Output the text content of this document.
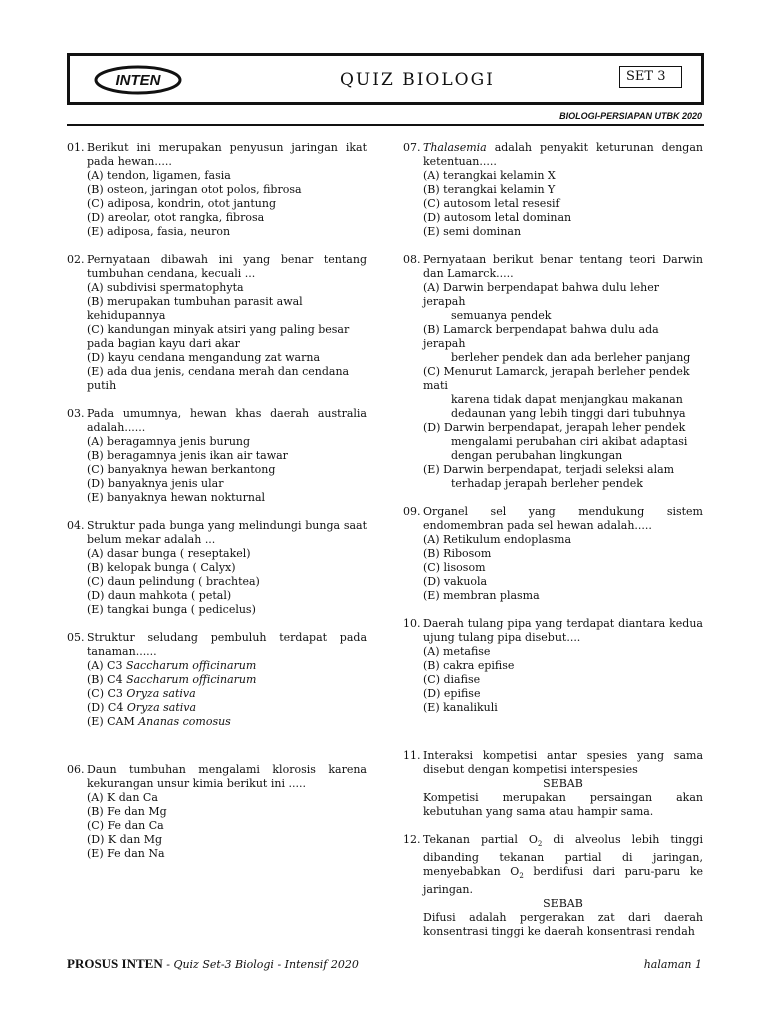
INTEN	QUIZ BIOLOGI	SET 3
BIOLOGI-PERSIAPAN UTBK 2020
01. Berikut ini merupakan penyusun jaringan ikat pada hewan.....
(A) tendon, ligamen, fasia
(B) osteon, jaringan otot polos, fibrosa
(C) adiposa, kondrin, otot jantung
(D) areolar, otot rangka, fibrosa
(E) adiposa, fasia, neuron
02. Pernyataan dibawah ini yang benar tentang tumbuhan cendana, kecuali ...
(A) subdivisi spermatophyta
(B) merupakan tumbuhan parasit awal kehidupannya
(C) kandungan minyak atsiri yang paling besar pada bagian kayu dari akar
(D) kayu cendana mengandung zat warna
(E) ada dua jenis, cendana merah dan cendana putih
03. Pada umumnya, hewan khas daerah australia adalah......
(A) beragamnya jenis burung
(B) beragamnya jenis ikan air tawar
(C) banyaknya hewan berkantong
(D) banyaknya jenis ular
(E) banyaknya hewan nokturnal
04. Struktur pada bunga yang melindungi bunga saat belum mekar adalah ...
(A) dasar bunga ( reseptakel)
(B) kelopak bunga ( Calyx)
(C) daun pelindung ( brachtea)
(D) daun mahkota ( petal)
(E) tangkai bunga ( pedicelus)
05. Struktur seludang pembuluh terdapat pada tanaman......
(A) C3 Saccharum officinarum
(B) C4 Saccharum officinarum
(C) C3 Oryza sativa
(D) C4 Oryza sativa
(E) CAM Ananas comosus
06. Daun tumbuhan mengalami klorosis karena kekurangan unsur kimia berikut ini .....
(A) K dan Ca
(B) Fe dan Mg
(C) Fe dan Ca
(D) K dan Mg
(E) Fe dan Na
07. Thalasemia adalah penyakit keturunan dengan ketentuan.....
(A) terangkai kelamin X
(B) terangkai kelamin Y
(C) autosom letal resesif
(D) autosom letal dominan
(E) semi dominan
08. Pernyataan berikut benar tentang teori Darwin dan Lamarck.....
(A) Darwin berpendapat bahwa dulu leher jerapah
semuanya pendek
(B) Lamarck berpendapat bahwa dulu ada jerapah
berleher pendek dan ada berleher panjang
(C) Menurut Lamarck, jerapah berleher pendek mati
karena tidak dapat menjangkau makanan
dedaunan yang lebih tinggi dari tubuhnya
(D) Darwin berpendapat, jerapah leher pendek
mengalami perubahan ciri akibat adaptasi
dengan perubahan lingkungan
(E) Darwin berpendapat, terjadi seleksi alam
terhadap jerapah berleher pendek
09. Organel sel yang mendukung sistem endomembran pada sel hewan adalah.....
(A) Retikulum endoplasma
(B) Ribosom
(C) lisosom
(D) vakuola
(E) membran plasma
10. Daerah tulang pipa yang terdapat diantara kedua ujung tulang pipa disebut....
(A) metafise
(B) cakra epifise
(C) diafise
(D) epifise
(E) kanalikuli
11. Interaksi kompetisi antar spesies yang sama disebut dengan kompetisi interspesies
SEBAB
Kompetisi merupakan persaingan akan kebutuhan yang sama atau hampir sama.
12. Tekanan partial $O_2$ di alveolus lebih tinggi dibanding tekanan partial di jaringan, menyebabkan $O_2$ berdifusi dari paru-paru ke jaringan.
SEBAB
Difusi adalah pergerakan zat dari daerah konsentrasi tinggi ke daerah konsentrasi rendah
PROSUS INTEN - Quiz Set-3 Biologi - Intensif 2020	halaman 1
